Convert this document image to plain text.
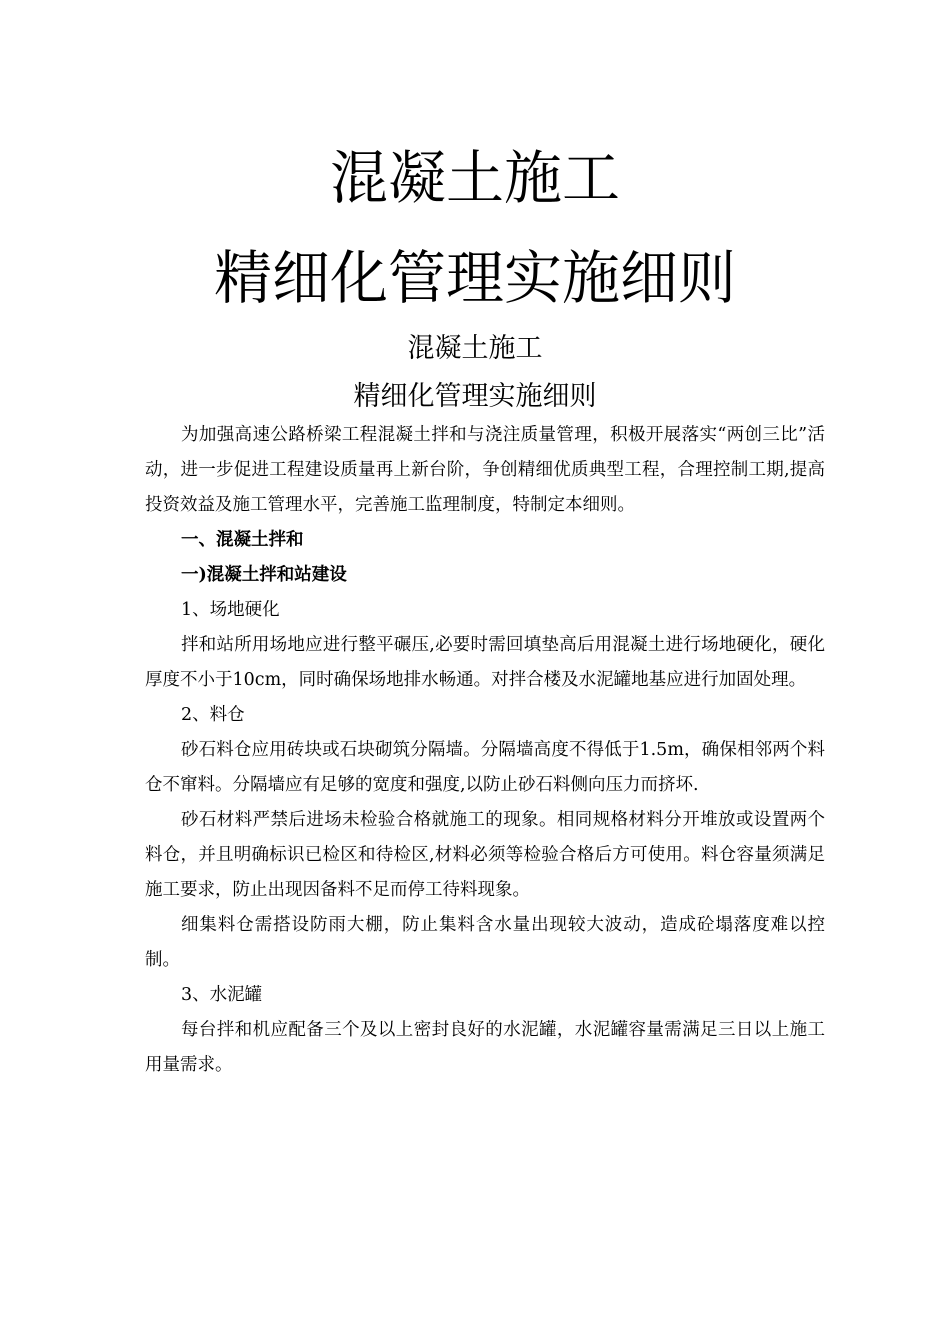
混凝土施工
精细化管理实施细则
混凝土施工
精细化管理实施细则

为加强高速公路桥梁工程混凝土拌和与浇注质量管理，积极开展落实“两创三比”活动，进一步促进工程建设质量再上新台阶，争创精细优质典型工程，合理控制工期,提高投资效益及施工管理水平，完善施工监理制度，特制定本细则。

一、混凝土拌和

一)混凝土拌和站建设

1、场地硬化

拌和站所用场地应进行整平碾压,必要时需回填垫高后用混凝土进行场地硬化，硬化厚度不小于10cm，同时确保场地排水畅通。对拌合楼及水泥罐地基应进行加固处理。

2、料仓

砂石料仓应用砖块或石块砌筑分隔墙。分隔墙高度不得低于1.5m，确保相邻两个料仓不窜料。分隔墙应有足够的宽度和强度,以防止砂石料侧向压力而挤坏.

砂石材料严禁后进场未检验合格就施工的现象。相同规格材料分开堆放或设置两个料仓，并且明确标识已检区和待检区,材料必须等检验合格后方可使用。料仓容量须满足施工要求，防止出现因备料不足而停工待料现象。

细集料仓需搭设防雨大棚，防止集料含水量出现较大波动，造成砼塌落度难以控制。

3、水泥罐

每台拌和机应配备三个及以上密封良好的水泥罐，水泥罐容量需满足三日以上施工用量需求。
